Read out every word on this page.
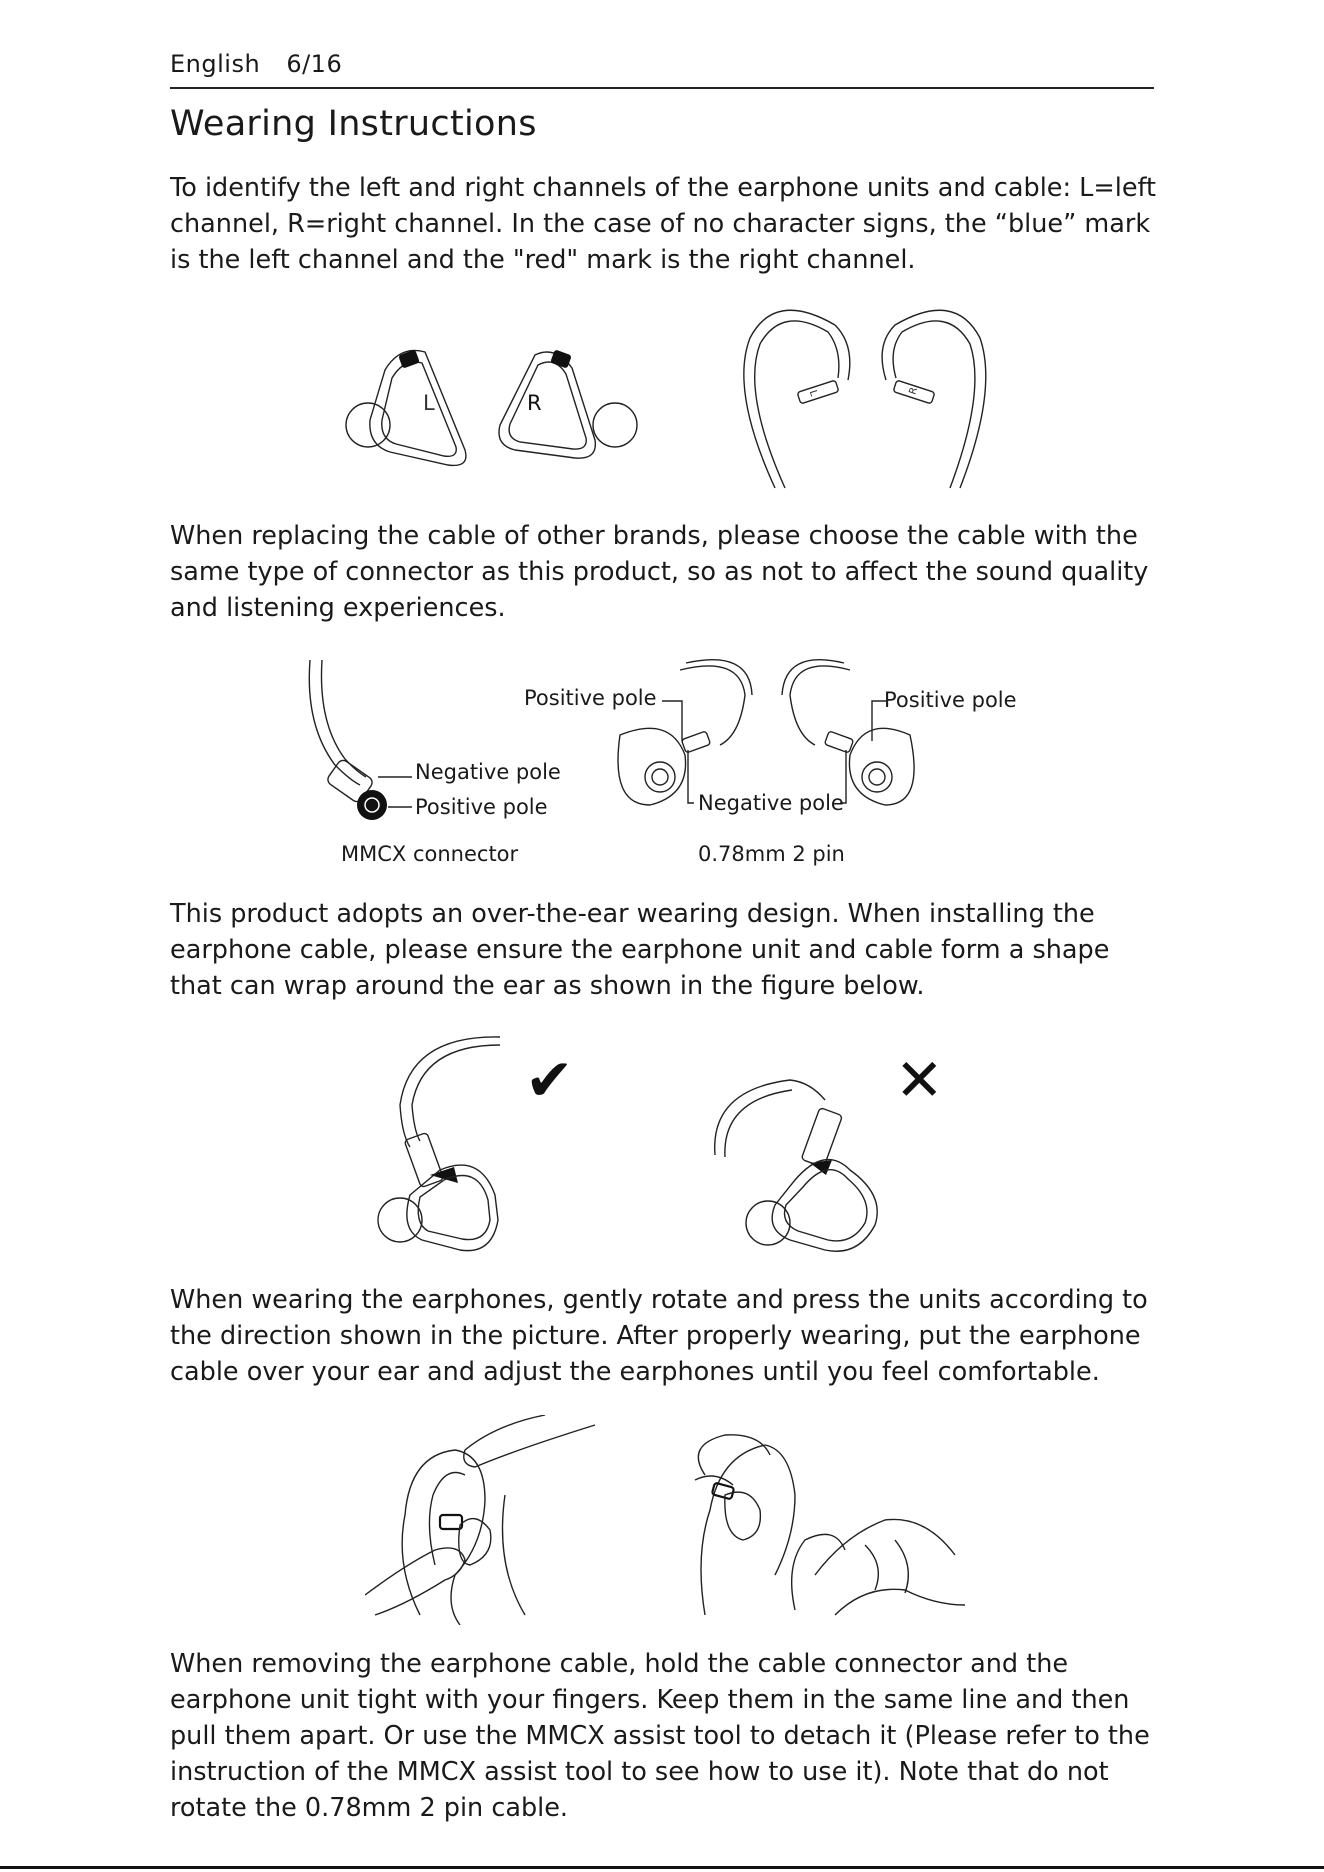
English 6/16
Wearing Instructions

To identify the left and right channels of the earphone units and cable: L=left channel, R=right channel. In the case of no character signs, the “blue” mark is the left channel and the "red" mark is the right channel.

L	R	L	R

When replacing the cable of other brands, please choose the cable with the same type of connector as this product, so as not to affect the sound quality and listening experiences.

Negative pole
Positive pole
MMCX connector
Positive pole	Positive pole
Negative pole
0.78mm 2 pin

This product adopts an over-the-ear wearing design. When installing the earphone cable, please ensure the earphone unit and cable form a shape that can wrap around the ear as shown in the figure below.

✔	✕

When wearing the earphones, gently rotate and press the units according to the direction shown in the picture. After properly wearing, put the earphone cable over your ear and adjust the earphones until you feel comfortable.

When removing the earphone cable, hold the cable connector and the earphone unit tight with your fingers. Keep them in the same line and then pull them apart. Or use the MMCX assist tool to detach it (Please refer to the instruction of the MMCX assist tool to see how to use it). Note that do not rotate the 0.78mm 2 pin cable.
